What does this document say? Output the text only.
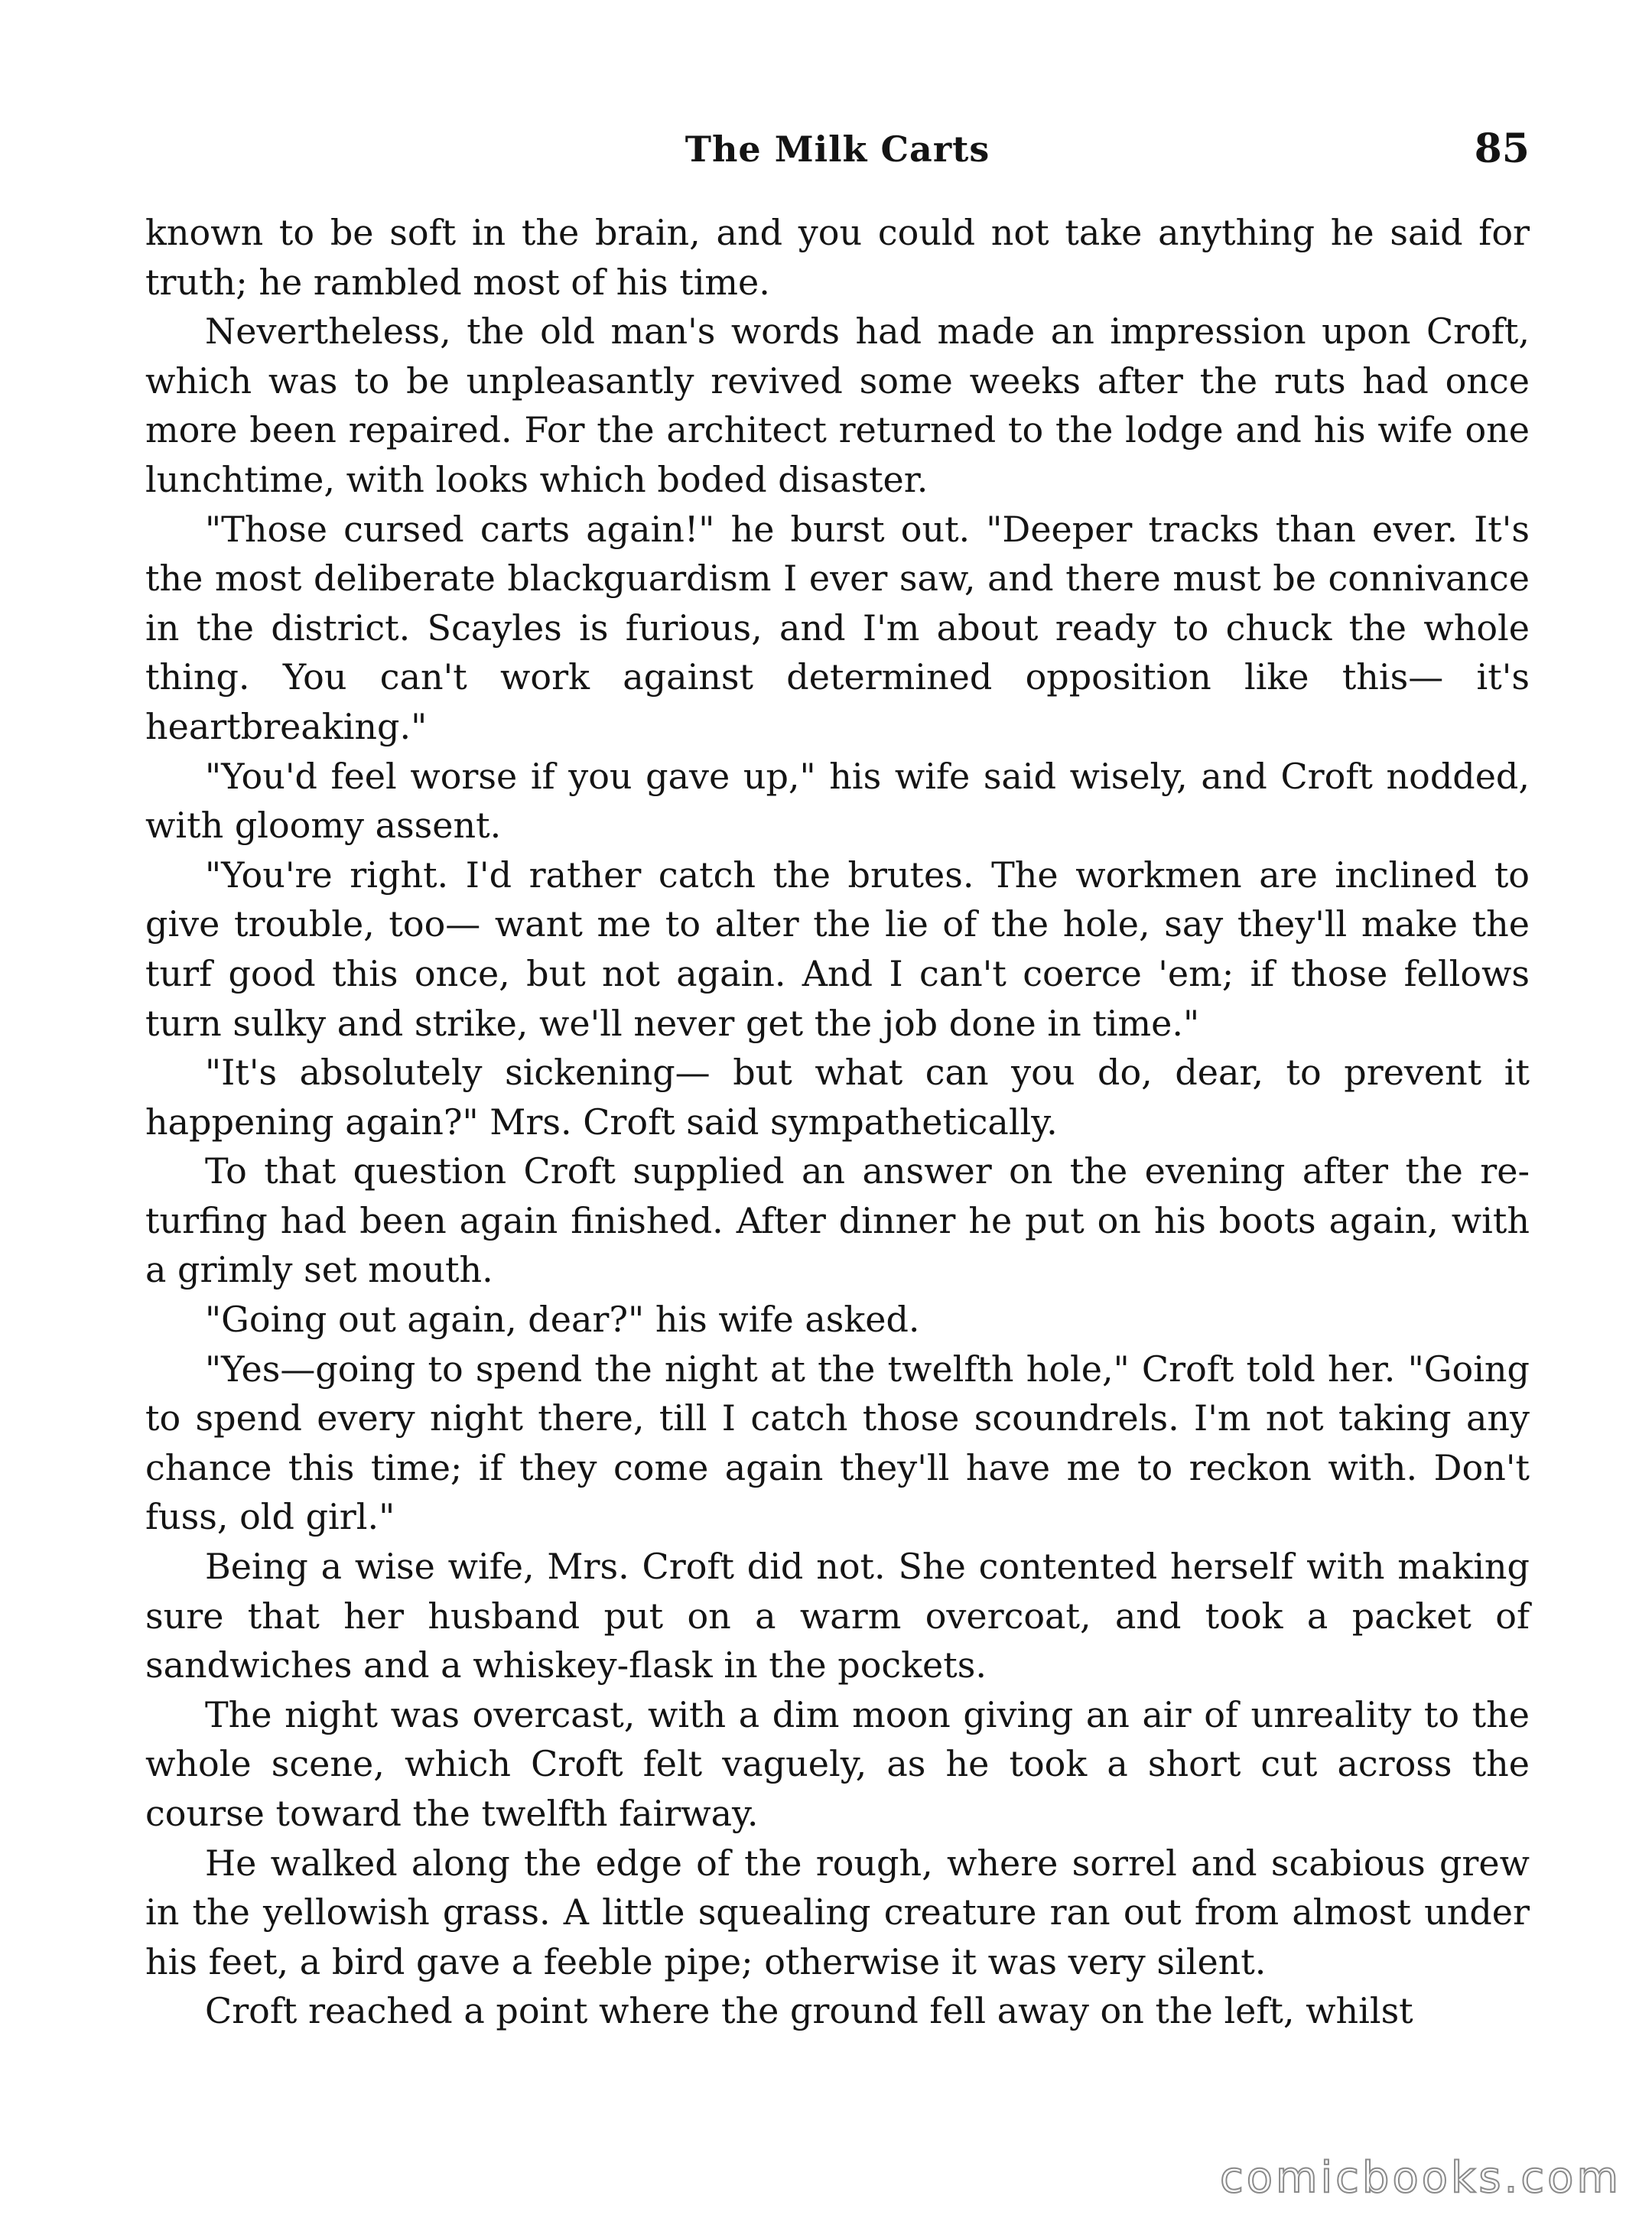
The Milk Carts	85

known to be soft in the brain, and you could not take anything he said for truth; he rambled most of his time.

Nevertheless, the old man's words had made an impression upon Croft, which was to be unpleasantly revived some weeks after the ruts had once more been repaired. For the architect returned to the lodge and his wife one lunchtime, with looks which boded disaster.

"Those cursed carts again!" he burst out. "Deeper tracks than ever. It's the most deliberate blackguardism I ever saw, and there must be connivance in the district. Scayles is furious, and I'm about ready to chuck the whole thing. You can't work against determined opposition like this— it's heartbreaking."

"You'd feel worse if you gave up," his wife said wisely, and Croft nodded, with gloomy assent.

"You're right. I'd rather catch the brutes. The workmen are inclined to give trouble, too— want me to alter the lie of the hole, say they'll make the turf good this once, but not again. And I can't coerce 'em; if those fellows turn sulky and strike, we'll never get the job done in time."

"It's absolutely sickening— but what can you do, dear, to prevent it happening again?" Mrs. Croft said sympathetically.

To that question Croft supplied an answer on the evening after the re-turfing had been again finished. After dinner he put on his boots again, with a grimly set mouth.

"Going out again, dear?" his wife asked.

"Yes—going to spend the night at the twelfth hole," Croft told her. "Going to spend every night there, till I catch those scoundrels. I'm not taking any chance this time; if they come again they'll have me to reckon with. Don't fuss, old girl."

Being a wise wife, Mrs. Croft did not. She contented herself with making sure that her husband put on a warm overcoat, and took a packet of sandwiches and a whiskey-flask in the pockets.

The night was overcast, with a dim moon giving an air of unreality to the whole scene, which Croft felt vaguely, as he took a short cut across the course toward the twelfth fairway.

He walked along the edge of the rough, where sorrel and scabious grew in the yellowish grass. A little squealing creature ran out from almost under his feet, a bird gave a feeble pipe; otherwise it was very silent.

Croft reached a point where the ground fell away on the left, whilst

comicbooks.com
